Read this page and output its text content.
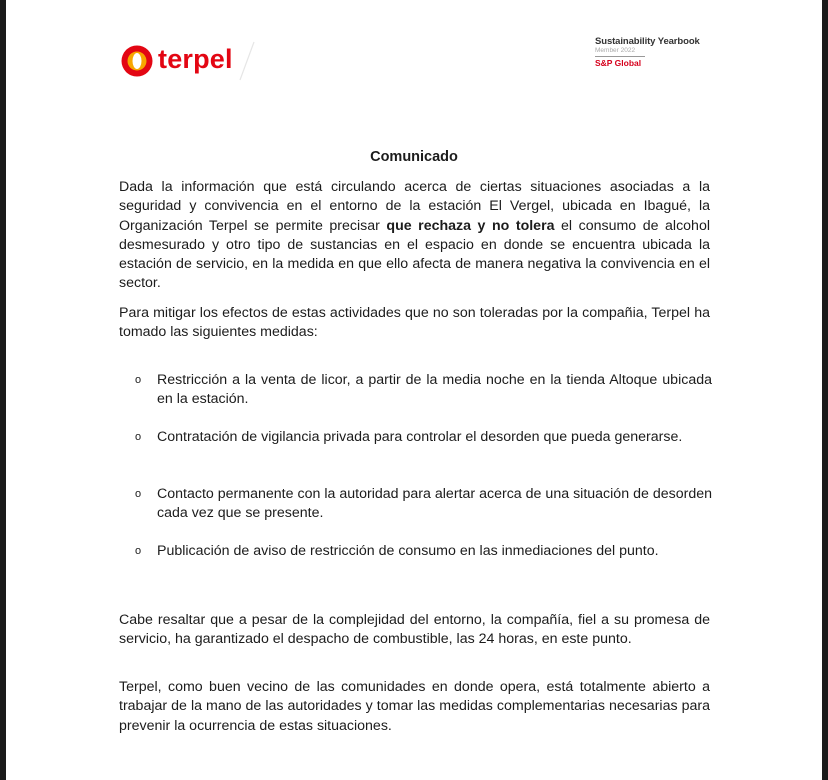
terpel
Sustainability Yearbook
Member 2022
S&P Global
Comunicado

Dada la información que está circulando acerca de ciertas situaciones asociadas a la seguridad y convivencia en el entorno de la estación El Vergel, ubicada en Ibagué, la Organización Terpel se permite precisar que rechaza y no tolera el consumo de alcohol desmesurado y otro tipo de sustancias en el espacio en donde se encuentra ubicada la estación de servicio, en la medida en que ello afecta de manera negativa la convivencia en el sector.

Para mitigar los efectos de estas actividades que no son toleradas por la compañia, Terpel ha tomado las siguientes medidas:

o Restricción a la venta de licor, a partir de la media noche en la tienda Altoque ubicada en la estación.
o Contratación de vigilancia privada para controlar el desorden que pueda generarse.
o Contacto permanente con la autoridad para alertar acerca de una situación de desorden cada vez que se presente.
o Publicación de aviso de restricción de consumo en las inmediaciones del punto.

Cabe resaltar que a pesar de la complejidad del entorno, la compañía, fiel a su promesa de servicio, ha garantizado el despacho de combustible, las 24 horas, en este punto.

Terpel, como buen vecino de las comunidades en donde opera, está totalmente abierto a trabajar de la mano de las autoridades y tomar las medidas complementarias necesarias para prevenir la ocurrencia de estas situaciones.
